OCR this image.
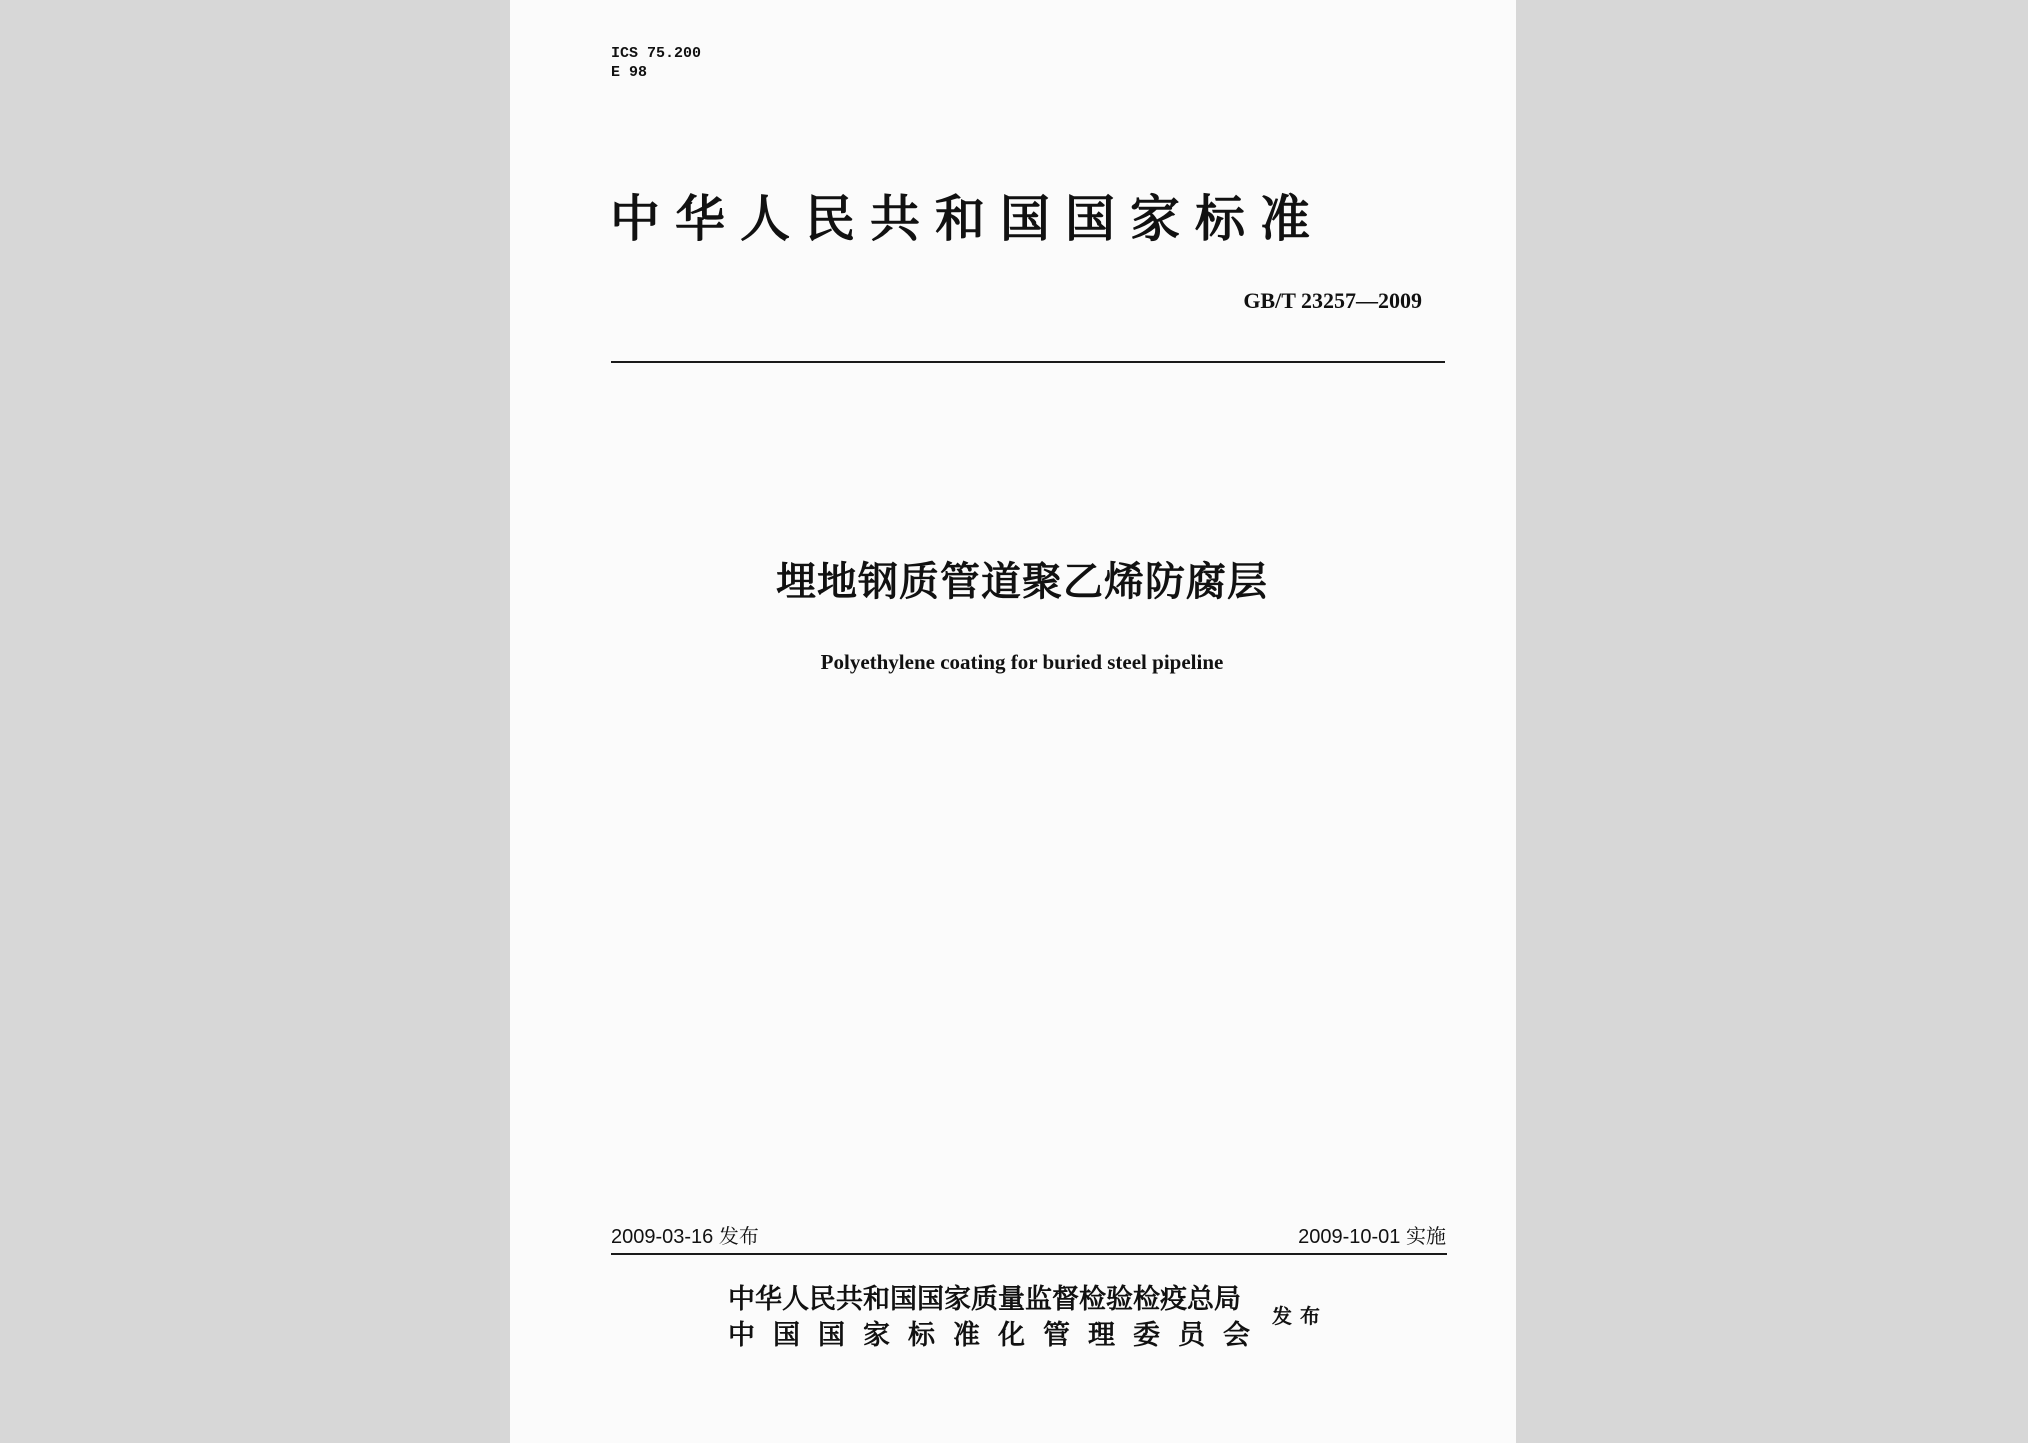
ICS 75.200
E 98
中华人民共和国国家标准
GB/T 23257—2009
埋地钢质管道聚乙烯防腐层
Polyethylene coating for buried steel pipeline
2009-03-16 发布	2009-10-01 实施
中华人民共和国国家质量监督检验检疫总局
中国国家标准化管理委员会
发布
